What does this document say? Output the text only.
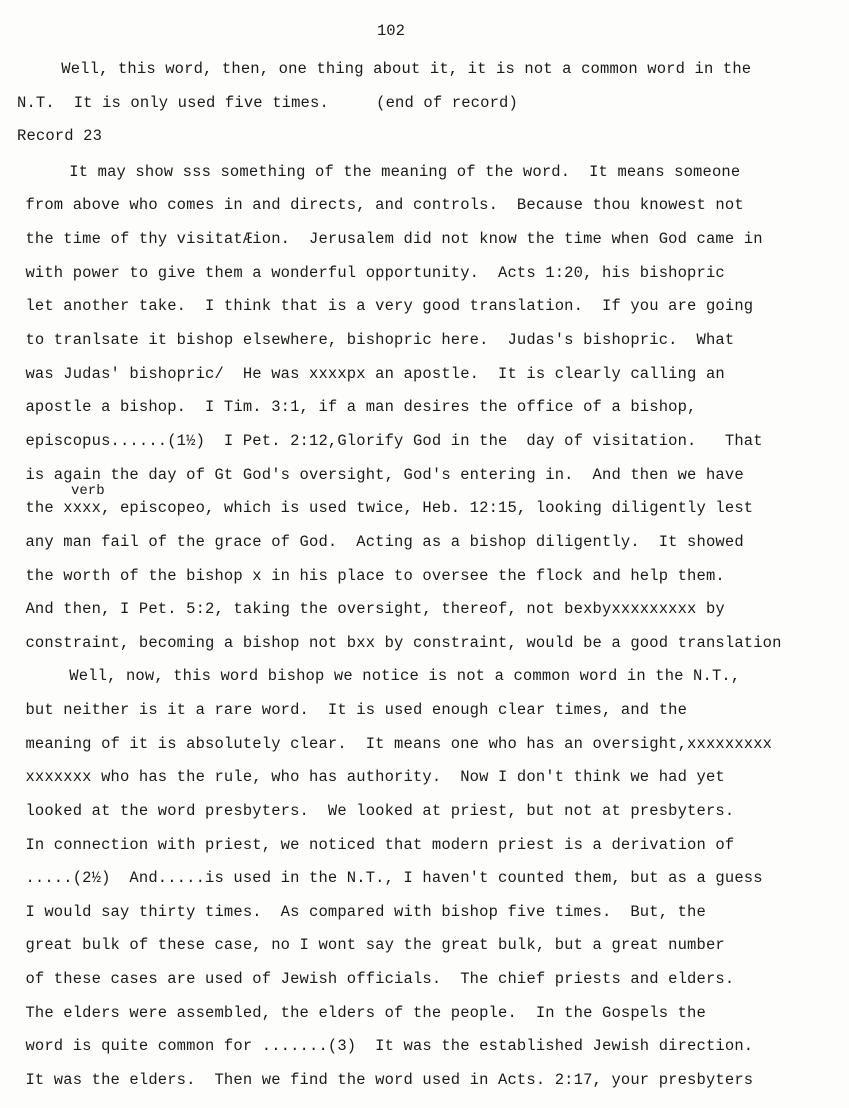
102
Well, this word, then, one thing about it, it is not a common word in the
N.T.  It is only used five times.     (end of record)
Record 23
It may show sss something of the meaning of the word.  It means someone
from above who comes in and directs, and controls.  Because thou knowest not
the time of thy visitatÆion.  Jerusalem did not know the time when God came in
with power to give them a wonderful opportunity.  Acts 1:20, his bishopric
let another take.  I think that is a very good translation.  If you are going
to tranlsate it bishop elsewhere, bishopric here.  Judas's bishopric.  What
was Judas' bishopric/  He was xxxxpx an apostle.  It is clearly calling an
apostle a bishop.  I Tim. 3:1, if a man desires the office of a bishop,
episcopus......(1½)  I Pet. 2:12,Glorify God in the  day of visitation.   That
is again the day of Gt God's oversight, God's entering in.  And then we have
verb
the xxxx, episcopeo, which is used twice, Heb. 12:15, looking diligently lest
any man fail of the grace of God.  Acting as a bishop diligently.  It showed
the worth of the bishop x in his place to oversee the flock and help them.
And then, I Pet. 5:2, taking the oversight, thereof, not bexbyxxxxxxxxx by
constraint, becoming a bishop not bxx by constraint, would be a good translation
Well, now, this word bishop we notice is not a common word in the N.T.,
but neither is it a rare word.  It is used enough clear times, and the
meaning of it is absolutely clear.  It means one who has an oversight,xxxxxxxxx
xxxxxxx who has the rule, who has authority.  Now I don't think we had yet
looked at the word presbyters.  We looked at priest, but not at presbyters.
In connection with priest, we noticed that modern priest is a derivation of
.....(2½)  And.....is used in the N.T., I haven't counted them, but as a guess
I would say thirty times.  As compared with bishop five times.  But, the
great bulk of these case, no I wont say the great bulk, but a great number
of these cases are used of Jewish officials.  The chief priests and elders.
The elders were assembled, the elders of the people.  In the Gospels the
word is quite common for .......(3)  It was the established Jewish direction.
It was the elders.  Then we find the word used in Acts. 2:17, your presbyters
